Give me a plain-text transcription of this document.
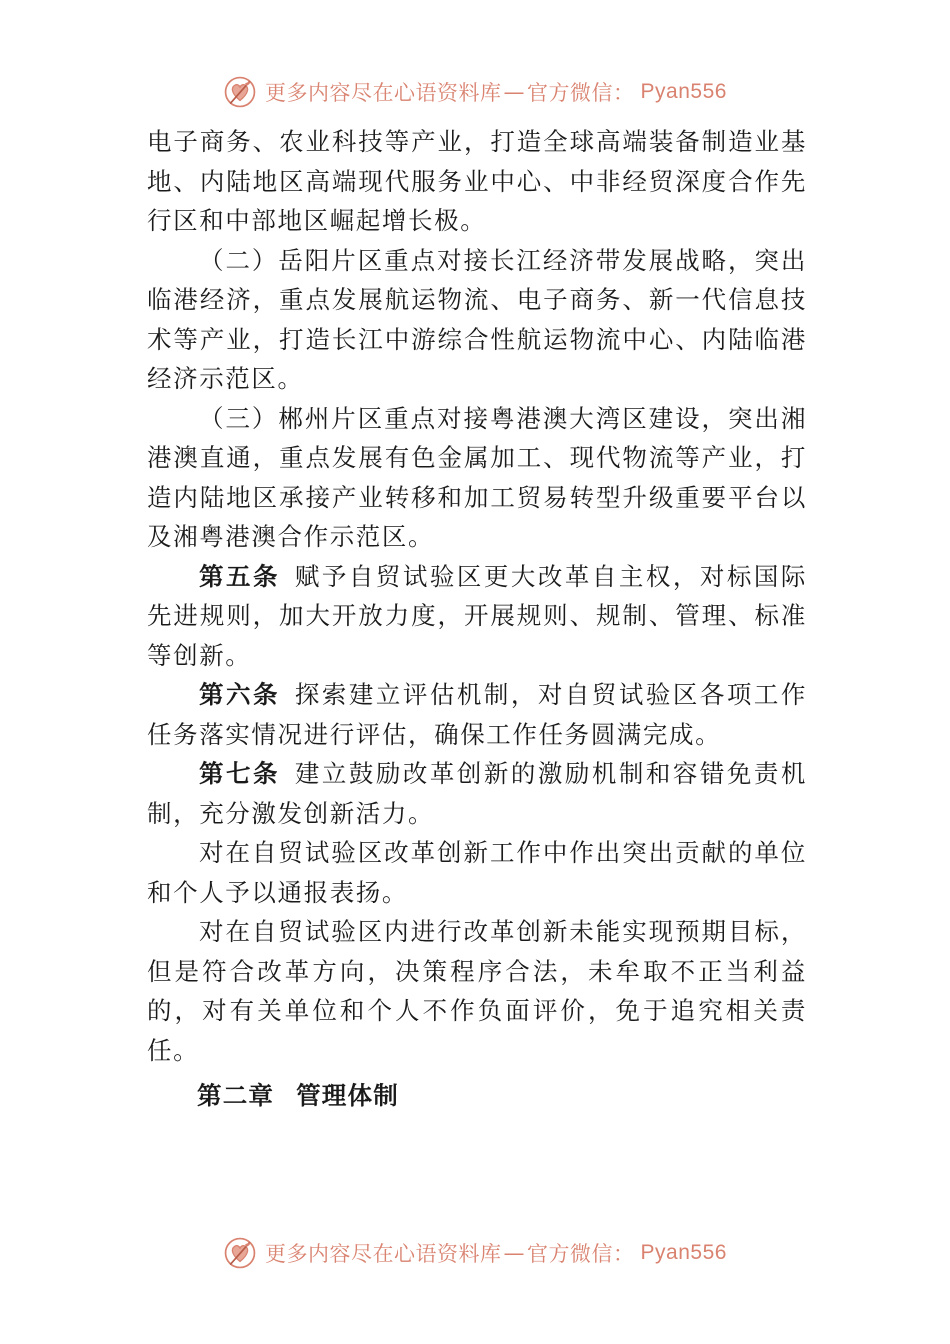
更多内容尽在心语资料库 — 官方微信： Pyan556

电子商务、农业科技等产业，打造全球高端装备制造业基地、内陆地区高端现代服务业中心、中非经贸深度合作先行区和中部地区崛起增长极。

（二）岳阳片区重点对接长江经济带发展战略，突出临港经济，重点发展航运物流、电子商务、新一代信息技术等产业，打造长江中游综合性航运物流中心、内陆临港经济示范区。

（三）郴州片区重点对接粤港澳大湾区建设，突出湘港澳直通，重点发展有色金属加工、现代物流等产业，打造内陆地区承接产业转移和加工贸易转型升级重要平台以及湘粤港澳合作示范区。

第五条 赋予自贸试验区更大改革自主权，对标国际先进规则，加大开放力度，开展规则、规制、管理、标准等创新。

第六条 探索建立评估机制，对自贸试验区各项工作任务落实情况进行评估，确保工作任务圆满完成。

第七条 建立鼓励改革创新的激励机制和容错免责机制，充分激发创新活力。

对在自贸试验区改革创新工作中作出突出贡献的单位和个人予以通报表扬。

对在自贸试验区内进行改革创新未能实现预期目标，但是符合改革方向，决策程序合法，未牟取不正当利益的，对有关单位和个人不作负面评价，免于追究相关责任。

第二章 管理体制

更多内容尽在心语资料库 — 官方微信： Pyan556
